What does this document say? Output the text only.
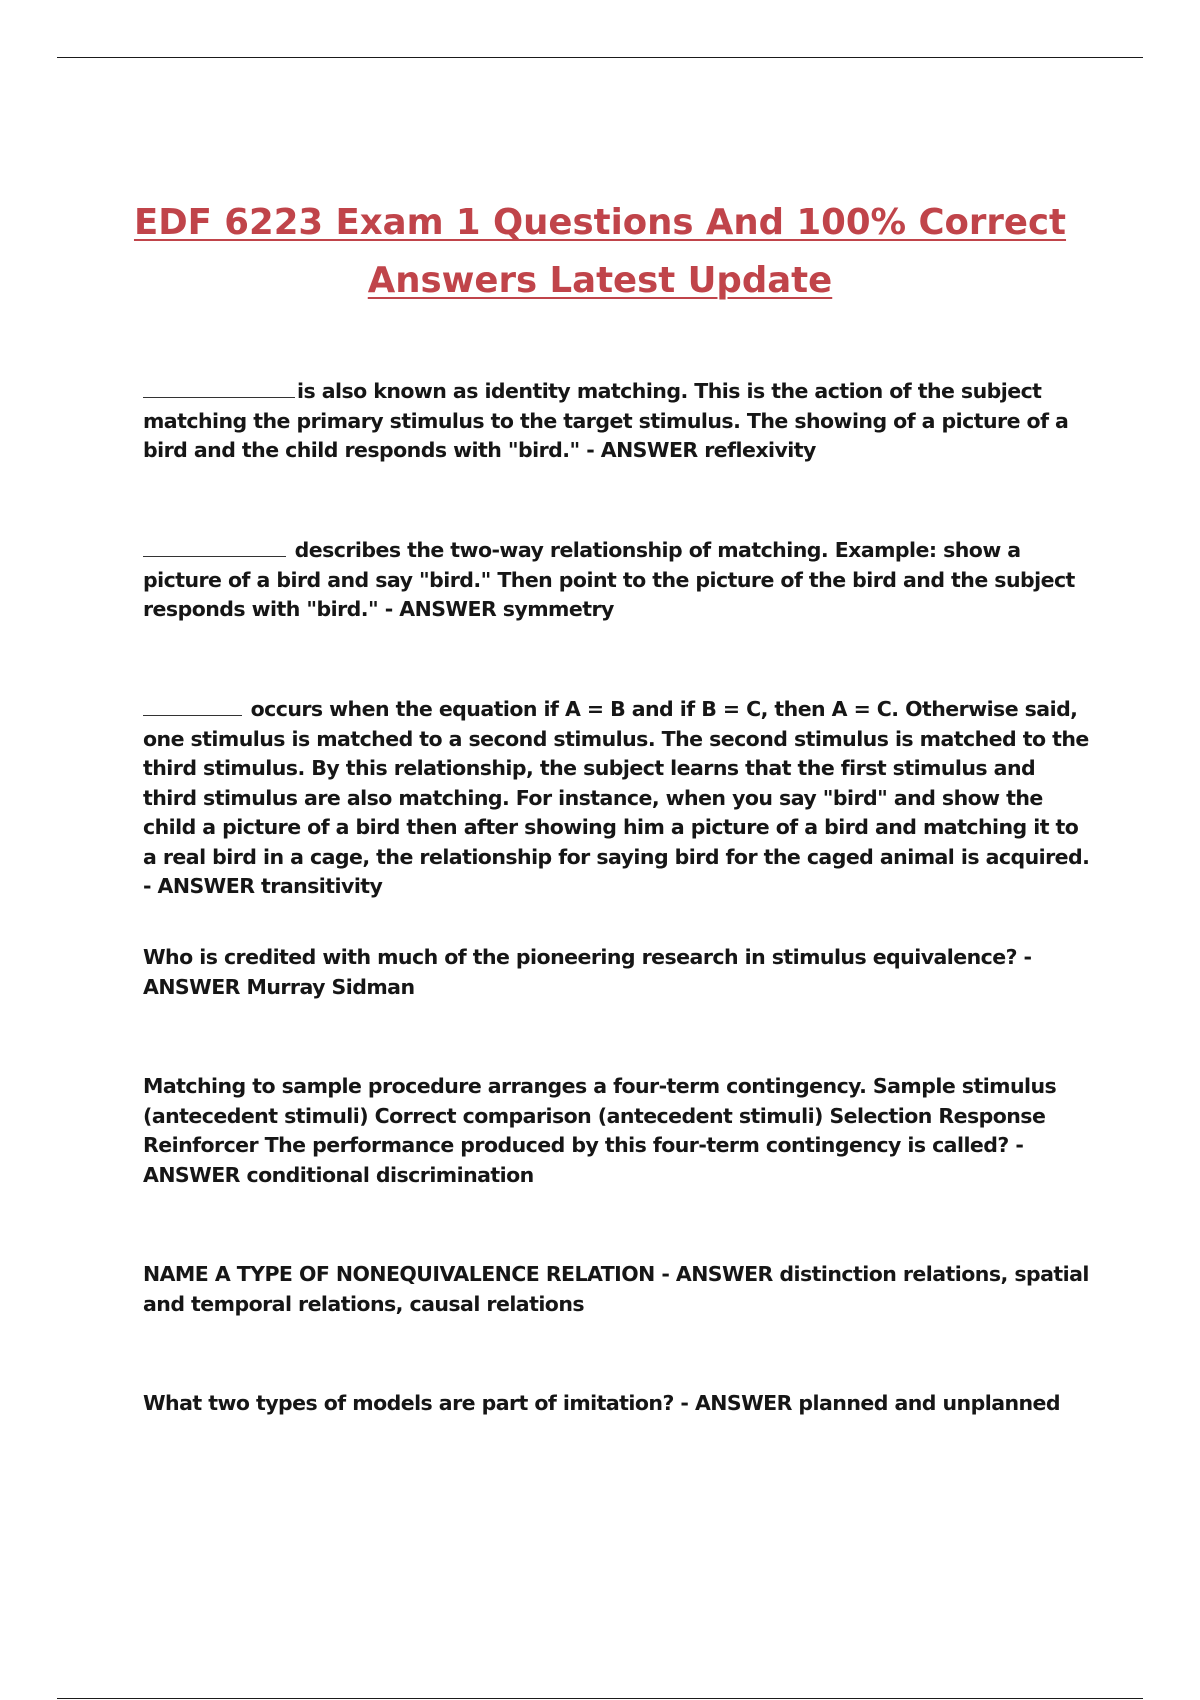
EDF 6223 Exam 1 Questions And 100% Correct
Answers Latest Update

is also known as identity matching. This is the action of the subject matching the primary stimulus to the target stimulus. The showing of a picture of a bird and the child responds with "bird." - ANSWER reflexivity

describes the two-way relationship of matching. Example: show a picture of a bird and say "bird." Then point to the picture of the bird and the subject responds with "bird." - ANSWER symmetry

occurs when the equation if A = B and if B = C, then A = C. Otherwise said, one stimulus is matched to a second stimulus. The second stimulus is matched to the third stimulus. By this relationship, the subject learns that the first stimulus and third stimulus are also matching. For instance, when you say "bird" and show the child a picture of a bird then after showing him a picture of a bird and matching it to a real bird in a cage, the relationship for saying bird for the caged animal is acquired. - ANSWER transitivity

Who is credited with much of the pioneering research in stimulus equivalence? - ANSWER Murray Sidman

Matching to sample procedure arranges a four-term contingency. Sample stimulus (antecedent stimuli) Correct comparison (antecedent stimuli) Selection Response Reinforcer The performance produced by this four-term contingency is called? - ANSWER conditional discrimination

NAME A TYPE OF NONEQUIVALENCE RELATION - ANSWER distinction relations, spatial and temporal relations, causal relations

What two types of models are part of imitation? - ANSWER planned and unplanned
